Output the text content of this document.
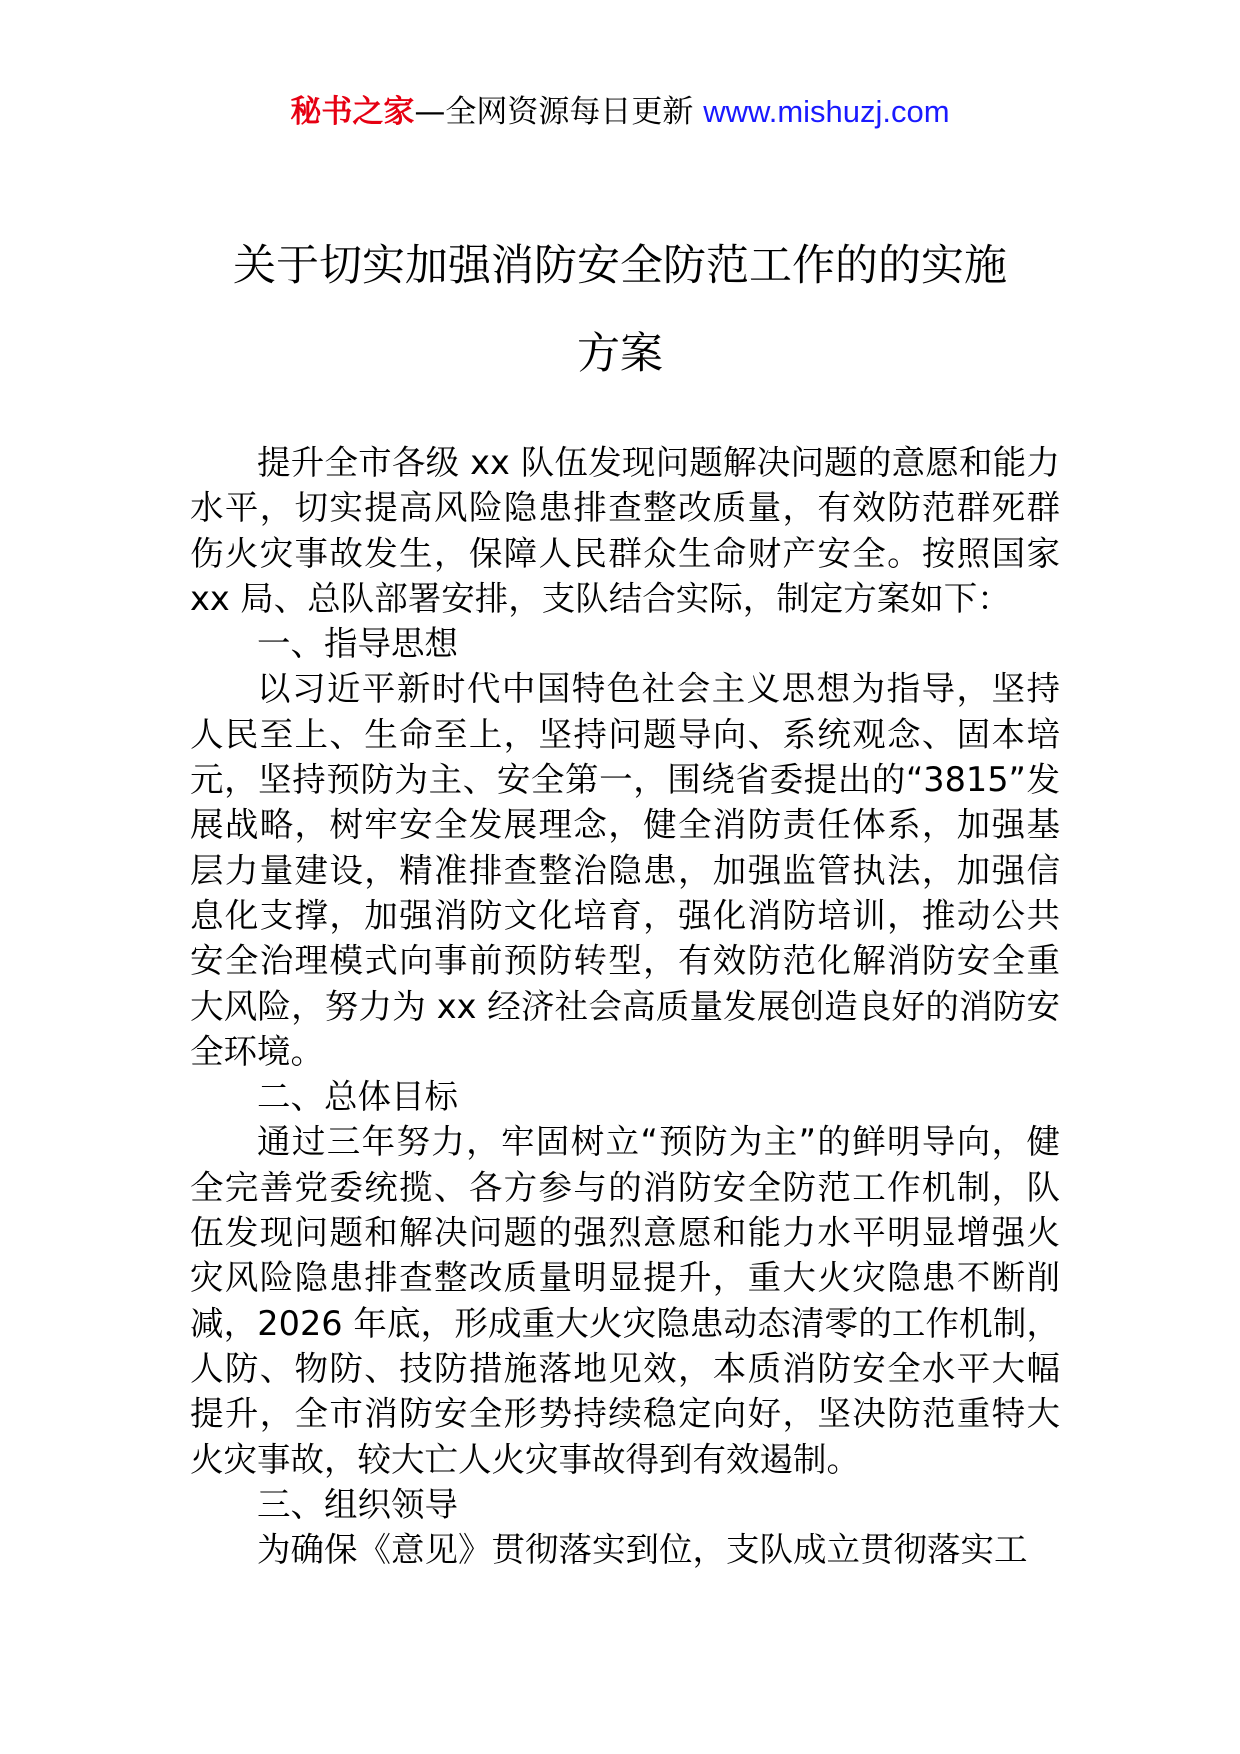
秘书之家—全网资源每日更新 www.mishuzj.com
关于切实加强消防安全防范工作的的实施
方案

提升全市各级 xx 队伍发现问题解决问题的意愿和能力水平，切实提高风险隐患排查整改质量，有效防范群死群伤火灾事故发生，保障人民群众生命财产安全。按照国家 xx 局、总队部署安排，支队结合实际，制定方案如下：

一、指导思想

以习近平新时代中国特色社会主义思想为指导，坚持人民至上、生命至上，坚持问题导向、系统观念、固本培元，坚持预防为主、安全第一，围绕省委提出的“3815”发展战略，树牢安全发展理念，健全消防责任体系，加强基层力量建设，精准排查整治隐患，加强监管执法，加强信息化支撑，加强消防文化培育，强化消防培训，推动公共安全治理模式向事前预防转型，有效防范化解消防安全重大风险，努力为 xx 经济社会高质量发展创造良好的消防安全环境。

二、总体目标

通过三年努力，牢固树立“预防为主”的鲜明导向，健全完善党委统揽、各方参与的消防安全防范工作机制，队伍发现问题和解决问题的强烈意愿和能力水平明显增强火灾风险隐患排查整改质量明显提升，重大火灾隐患不断削减，2026 年底，形成重大火灾隐患动态清零的工作机制，人防、物防、技防措施落地见效，本质消防安全水平大幅提升，全市消防安全形势持续稳定向好，坚决防范重特大火灾事故，较大亡人火灾事故得到有效遏制。

三、组织领导

为确保《意见》贯彻落实到位，支队成立贯彻落实工
